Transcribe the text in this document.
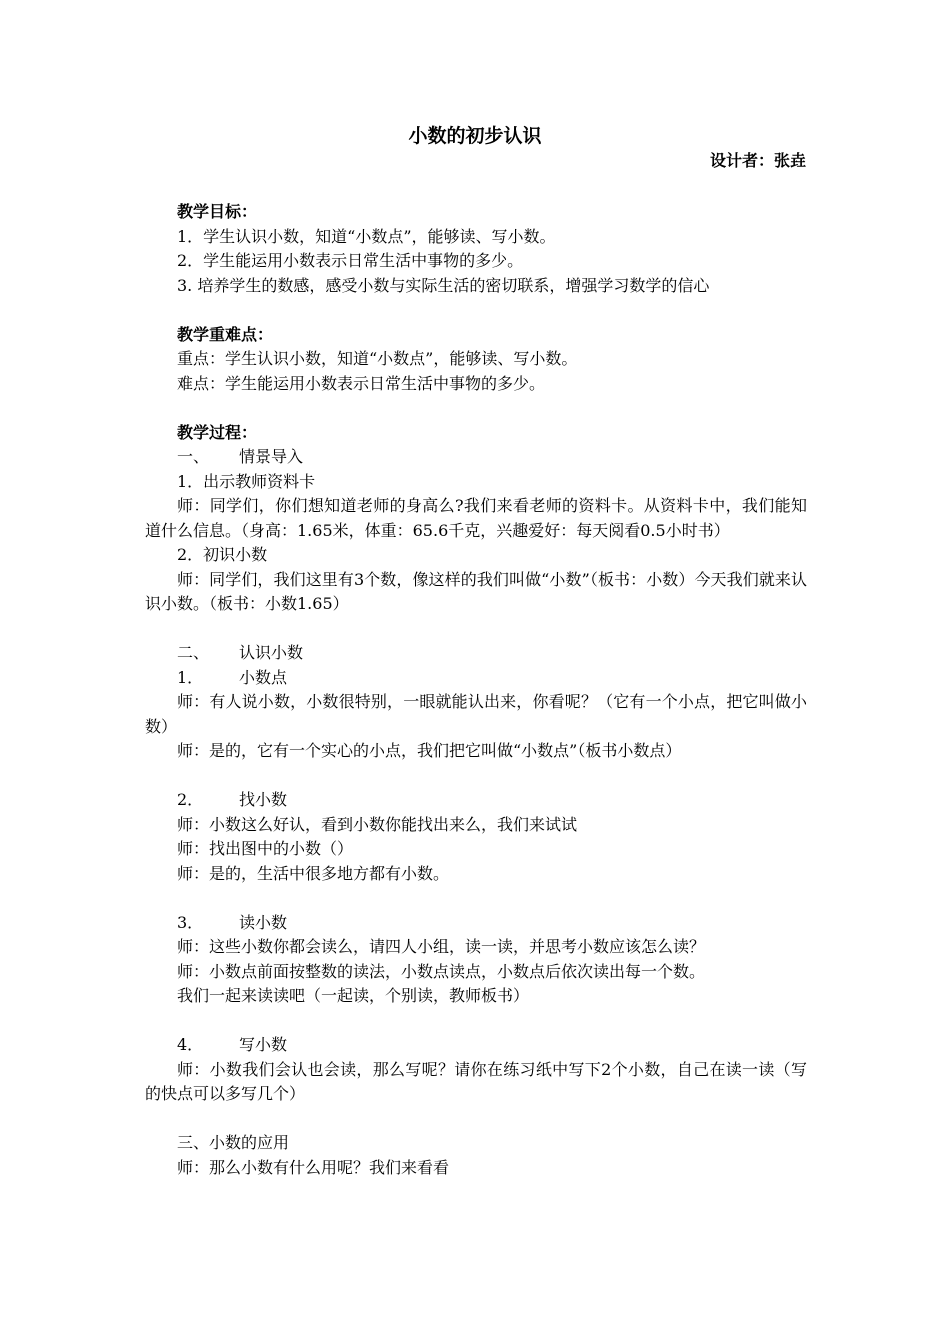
小数的初步认识
设计者：张垚

教学目标：

1．学生认识小数，知道“小数点”，能够读、写小数。

2．学生能运用小数表示日常生活中事物的多少。

3. 培养学生的数感，感受小数与实际生活的密切联系，增强学习数学的信心

教学重难点：

重点：学生认识小数，知道“小数点”，能够读、写小数。

难点：学生能运用小数表示日常生活中事物的多少。

教学过程：

一、 情景导入

1．出示教师资料卡

师：同学们，你们想知道老师的身高么?我们来看老师的资料卡。从资料卡中，我们能知道什么信息。（身高：1.65米，体重：65.6千克，兴趣爱好：每天阅看0.5小时书）

2．初识小数

师：同学们，我们这里有3个数，像这样的我们叫做“小数”（板书：小数）今天我们就来认识小数。（板书：小数1.65）

二、 认识小数

1． 小数点

师：有人说小数，小数很特别，一眼就能认出来，你看呢？（它有一个小点，把它叫做小数）

师：是的，它有一个实心的小点，我们把它叫做“小数点”（板书小数点）

2． 找小数

师：小数这么好认，看到小数你能找出来么，我们来试试

师：找出图中的小数（）

师：是的，生活中很多地方都有小数。

3． 读小数

师：这些小数你都会读么，请四人小组，读一读，并思考小数应该怎么读？

师：小数点前面按整数的读法，小数点读点，小数点后依次读出每一个数。

我们一起来读读吧（一起读，个别读，教师板书）

4． 写小数

师：小数我们会认也会读，那么写呢？请你在练习纸中写下2个小数，自己在读一读（写的快点可以多写几个）

三、小数的应用

师：那么小数有什么用呢？我们来看看
